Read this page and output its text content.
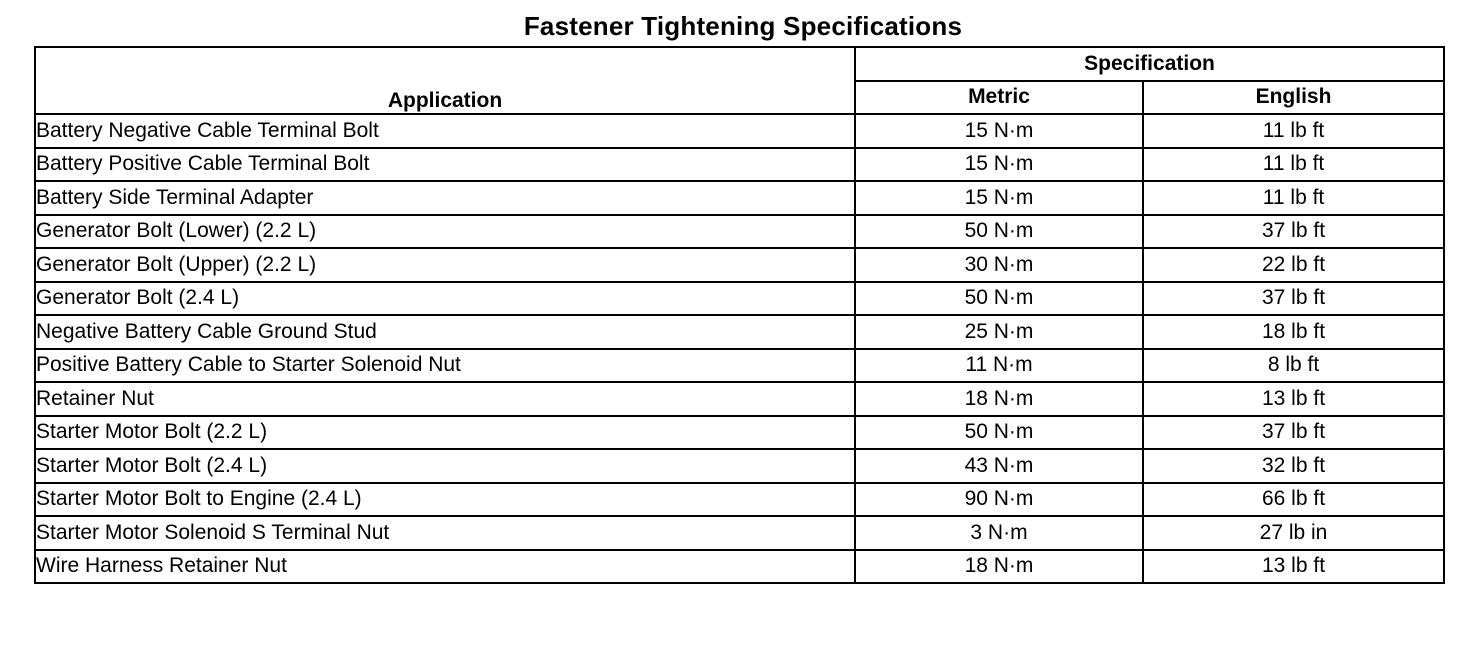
Fastener Tightening Specifications
Application	Specification	
	Metric	English
Battery Negative Cable Terminal Bolt	15 N·m	11 lb ft
Battery Positive Cable Terminal Bolt	15 N·m	11 lb ft
Battery Side Terminal Adapter	15 N·m	11 lb ft
Generator Bolt (Lower) (2.2 L)	50 N·m	37 lb ft
Generator Bolt (Upper) (2.2 L)	30 N·m	22 lb ft
Generator Bolt (2.4 L)	50 N·m	37 lb ft
Negative Battery Cable Ground Stud	25 N·m	18 lb ft
Positive Battery Cable to Starter Solenoid Nut	11 N·m	8 lb ft
Retainer Nut	18 N·m	13 lb ft
Starter Motor Bolt (2.2 L)	50 N·m	37 lb ft
Starter Motor Bolt (2.4 L)	43 N·m	32 lb ft
Starter Motor Bolt to Engine (2.4 L)	90 N·m	66 lb ft
Starter Motor Solenoid S Terminal Nut	3 N·m	27 lb in
Wire Harness Retainer Nut	18 N·m	13 lb ft
